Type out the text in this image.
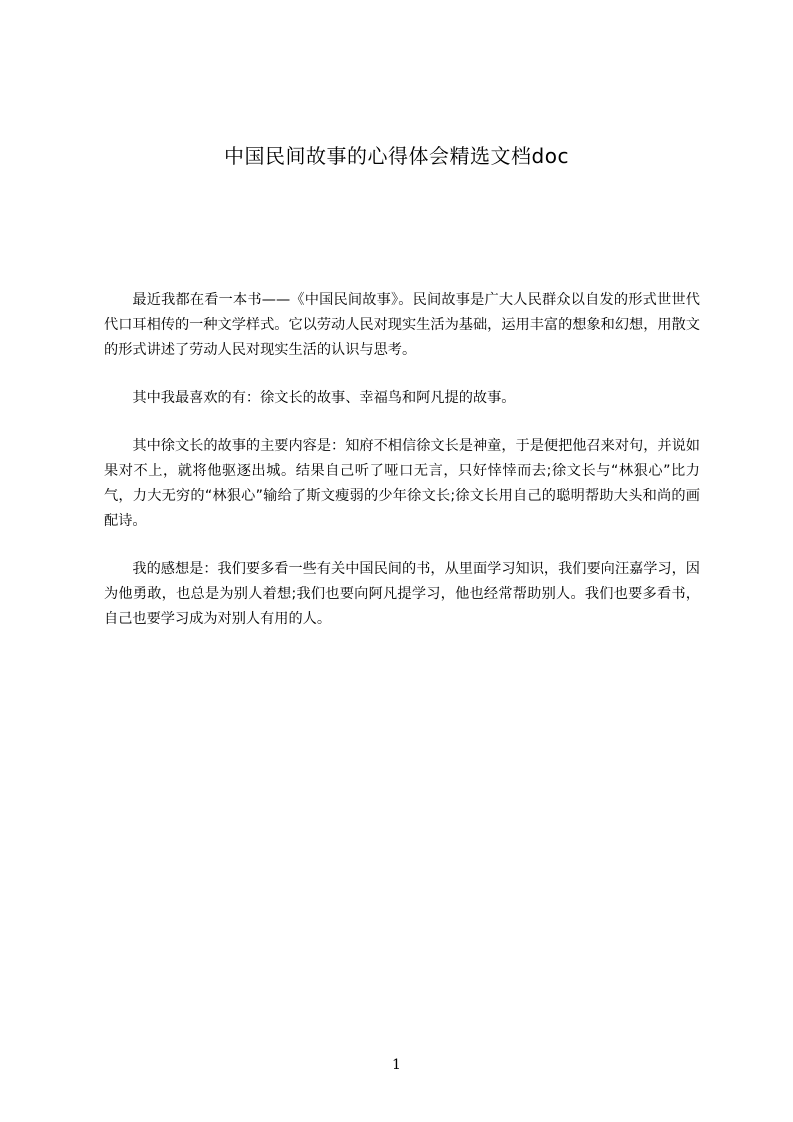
中国民间故事的心得体会精选文档doc

最近我都在看一本书——《中国民间故事》。民间故事是广大人民群众以自发的形式世世代代口耳相传的一种文学样式。它以劳动人民对现实生活为基础，运用丰富的想象和幻想，用散文的形式讲述了劳动人民对现实生活的认识与思考。

其中我最喜欢的有：徐文长的故事、幸福鸟和阿凡提的故事。

其中徐文长的故事的主要内容是：知府不相信徐文长是神童，于是便把他召来对句，并说如果对不上，就将他驱逐出城。结果自己听了哑口无言，只好悻悻而去;徐文长与“林狠心”比力气，力大无穷的“林狠心”输给了斯文瘦弱的少年徐文长;徐文长用自己的聪明帮助大头和尚的画配诗。

我的感想是：我们要多看一些有关中国民间的书，从里面学习知识，我们要向汪嘉学习，因为他勇敢，也总是为别人着想;我们也要向阿凡提学习，他也经常帮助别人。我们也要多看书，自己也要学习成为对别人有用的人。

1
